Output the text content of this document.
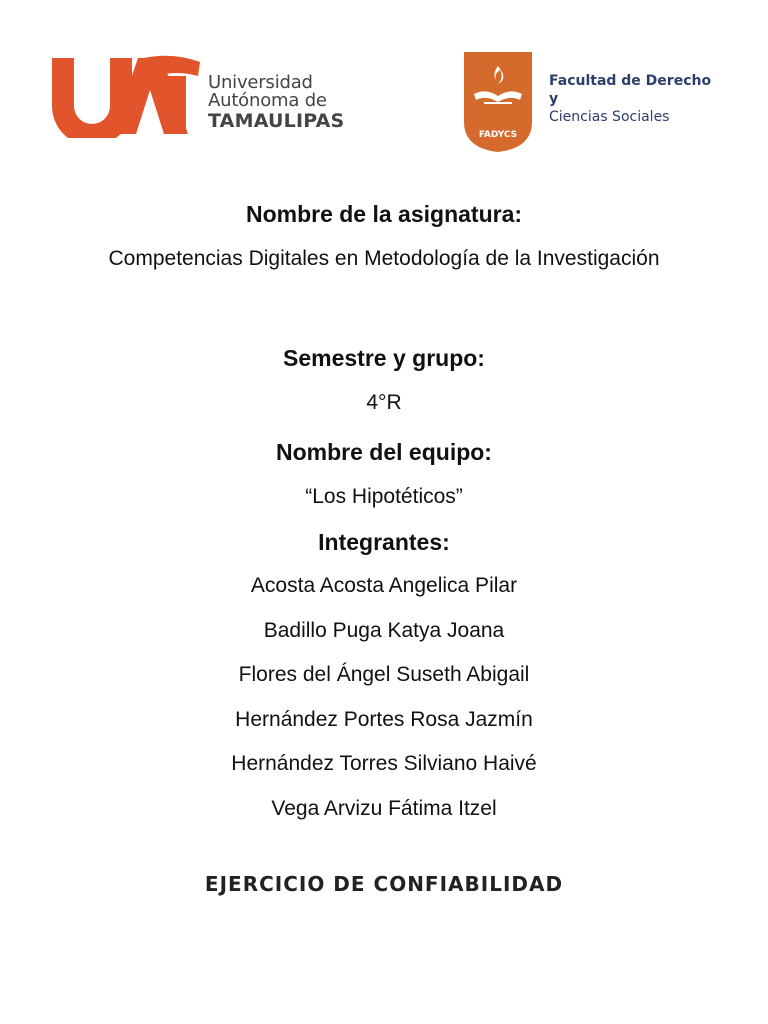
Universidad
Autónoma de
TAMAULIPAS
FADYCS
Facultad de Derecho y
Ciencias Sociales

Nombre de la asignatura:

Competencias Digitales en Metodología de la Investigación

Semestre y grupo:

4°R

Nombre del equipo:

“Los Hipotéticos”

Integrantes:

Acosta Acosta Angelica Pilar

Badillo Puga Katya Joana

Flores del Ángel Suseth Abigail

Hernández Portes Rosa Jazmín

Hernández Torres Silviano Haivé

Vega Arvizu Fátima Itzel

EJERCICIO DE CONFIABILIDAD
